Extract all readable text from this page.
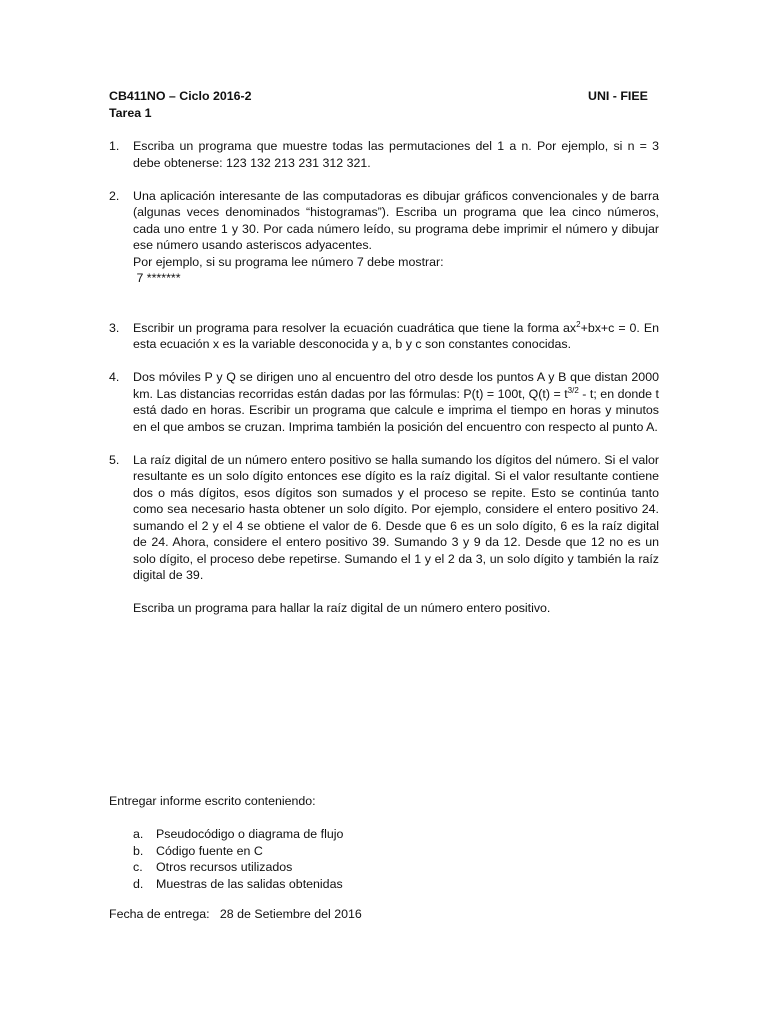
CB411NO – Ciclo 2016-2
Tarea 1
UNI - FIEE
1. Escriba un programa que muestre todas las permutaciones del 1 a n. Por ejemplo, si n = 3 debe obtenerse: 123 132 213 231 312 321.
2. Una aplicación interesante de las computadoras es dibujar gráficos convencionales y de barra (algunas veces denominados “histogramas”). Escriba un programa que lea cinco números, cada uno entre 1 y 30. Por cada número leído, su programa debe imprimir el número y dibujar ese número usando asteriscos adyacentes.
Por ejemplo, si su programa lee número 7 debe mostrar:
7 *******
3. Escribir un programa para resolver la ecuación cuadrática que tiene la forma $ax^2+bx+c = 0$. En esta ecuación x es la variable desconocida y a, b y c son constantes conocidas.
4. Dos móviles P y Q se dirigen uno al encuentro del otro desde los puntos A y B que distan 2000 km. Las distancias recorridas están dadas por las fórmulas: P(t) = 100t, $Q(t) = t^{3/2} - t$; en donde t está dado en horas. Escribir un programa que calcule e imprima el tiempo en horas y minutos en el que ambos se cruzan. Imprima también la posición del encuentro con respecto al punto A.
5. La raíz digital de un número entero positivo se halla sumando los dígitos del número. Si el valor resultante es un solo dígito entonces ese dígito es la raíz digital. Si el valor resultante contiene dos o más dígitos, esos dígitos son sumados y el proceso se repite. Esto se continúa tanto como sea necesario hasta obtener un solo dígito. Por ejemplo, considere el entero positivo 24. sumando el 2 y el 4 se obtiene el valor de 6. Desde que 6 es un solo dígito, 6 es la raíz digital de 24. Ahora, considere el entero positivo 39. Sumando 3 y 9 da 12. Desde que 12 no es un solo dígito, el proceso debe repetirse. Sumando el 1 y el 2 da 3, un solo dígito y también la raíz digital de 39.
Escriba un programa para hallar la raíz digital de un número entero positivo.
Entregar informe escrito conteniendo:
a. Pseudocódigo o diagrama de flujo
b. Código fuente en C
c. Otros recursos utilizados
d. Muestras de las salidas obtenidas
Fecha de entrega: 28 de Setiembre del 2016
